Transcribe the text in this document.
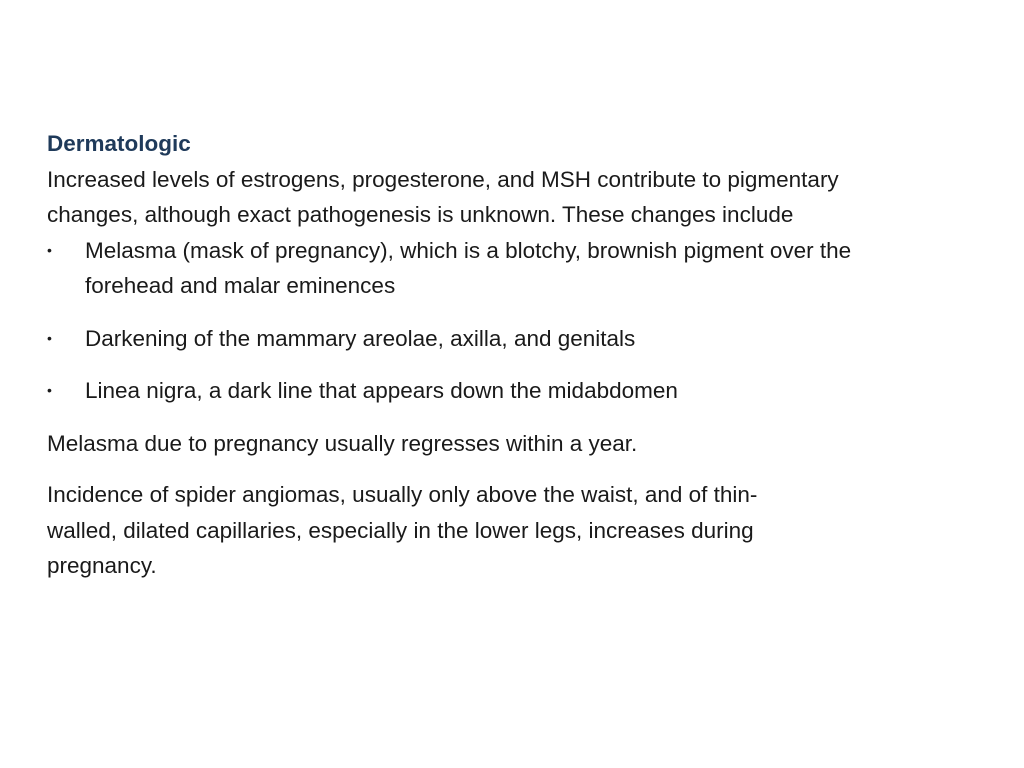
Dermatologic

Increased levels of estrogens, progesterone, and MSH contribute to pigmentary changes, although exact pathogenesis is unknown. These changes include

• Melasma (mask of pregnancy), which is a blotchy, brownish pigment over the forehead and malar eminences
• Darkening of the mammary areolae, axilla, and genitals
• Linea nigra, a dark line that appears down the midabdomen

Melasma due to pregnancy usually regresses within a year.

Incidence of spider angiomas, usually only above the waist, and of thin-
walled, dilated capillaries, especially in the lower legs, increases during
pregnancy.
